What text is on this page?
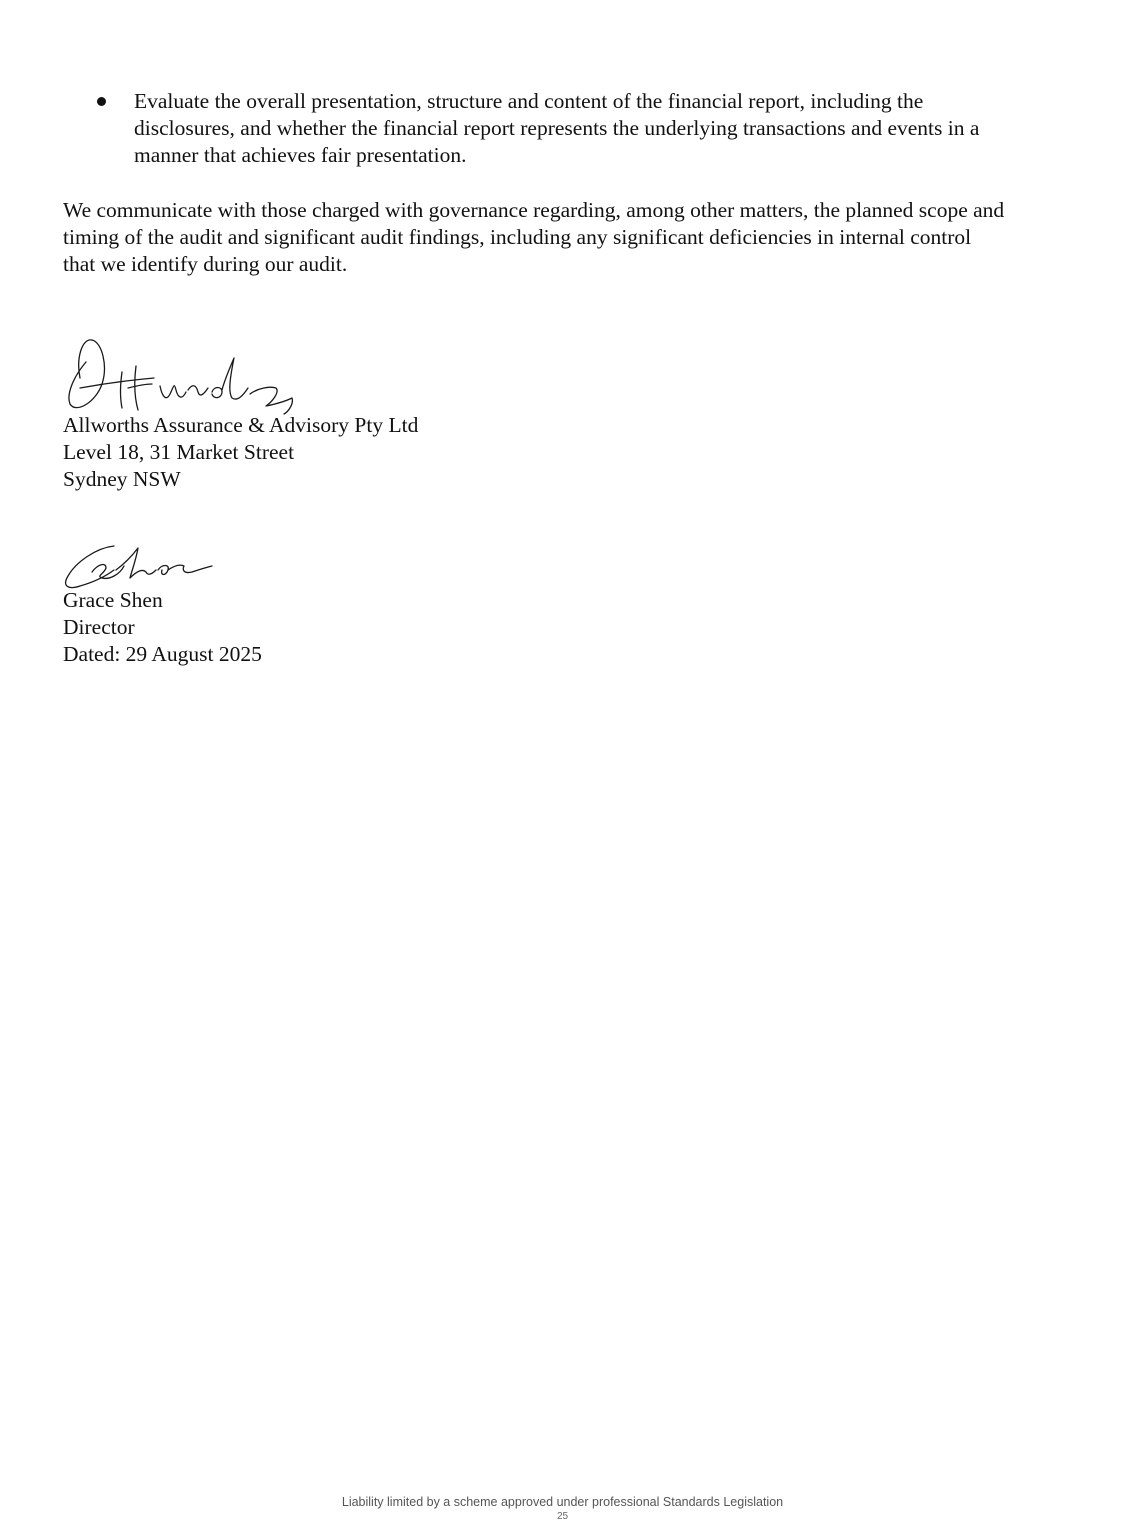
Evaluate the overall presentation, structure and content of the financial report, including the disclosures, and whether the financial report represents the underlying transactions and events in a manner that achieves fair presentation.

We communicate with those charged with governance regarding, among other matters, the planned scope and timing of the audit and significant audit findings, including any significant deficiencies in internal control that we identify during our audit.

Allworths Assurance & Advisory Pty Ltd
Level 18, 31 Market Street
Sydney NSW
Grace Shen
Director
Dated: 29 August 2025
Liability limited by a scheme approved under professional Standards Legislation
25
